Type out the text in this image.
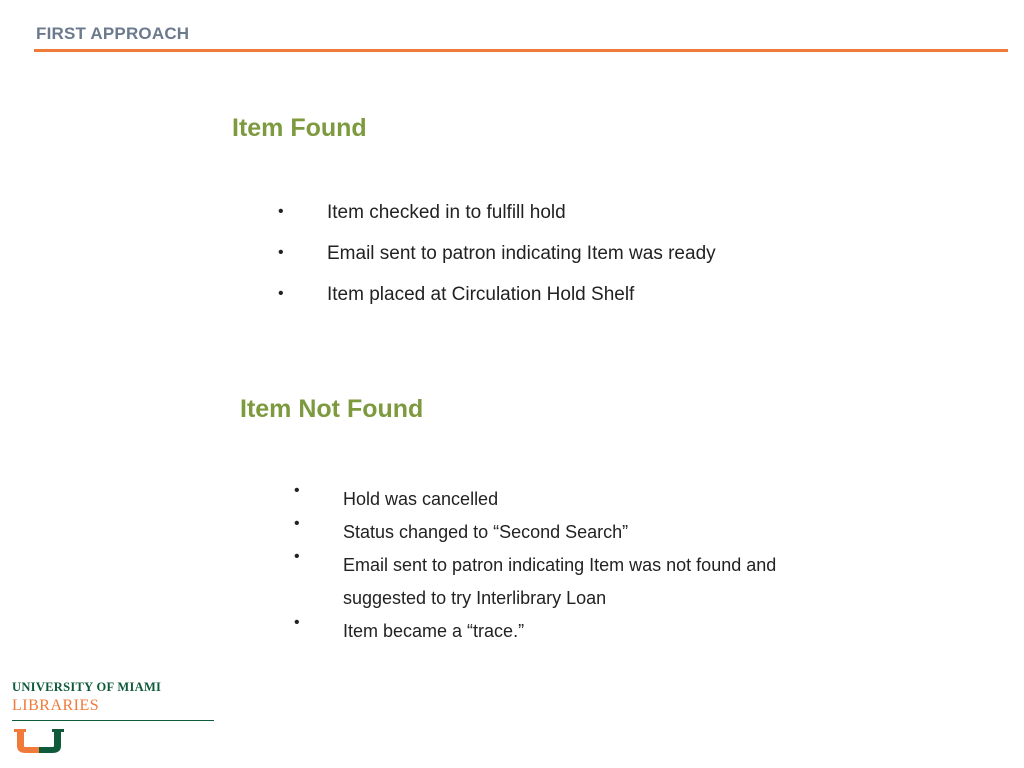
FIRST APPROACH
Item Found
• Item checked in to fulfill hold
• Email sent to patron indicating Item was ready
• Item placed at Circulation Hold Shelf
Item Not Found
• Hold was cancelled
• Status changed to “Second Search”
• Email sent to patron indicating Item was not found and
suggested to try Interlibrary Loan
• Item became a “trace.”
UNIVERSITY OF MIAMI
LIBRARIES
